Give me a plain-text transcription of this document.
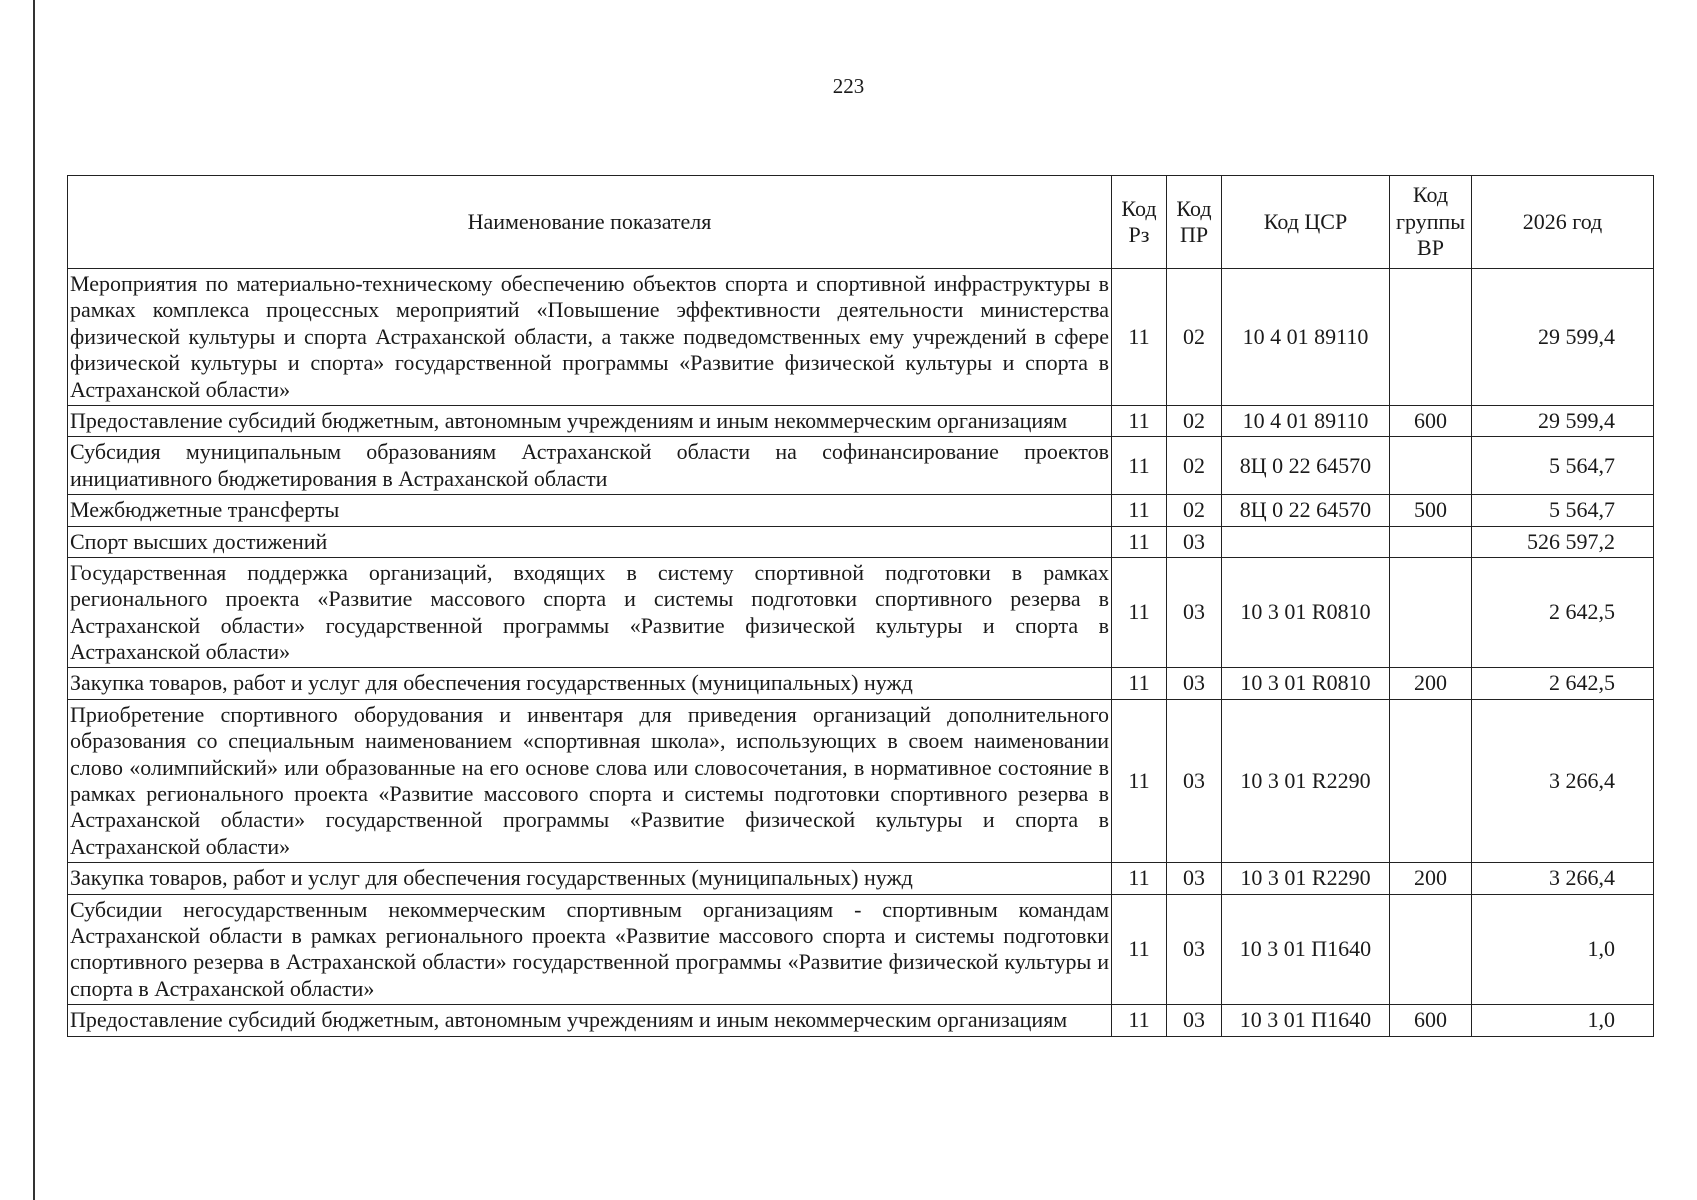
223
Наименование показателя	Код Рз	Код ПР	Код ЦСР	Код группы ВР	2026 год
Мероприятия по материально-техническому обеспечению объектов спорта и спортивной инфраструктуры в рамках комплекса процессных мероприятий «Повышение эффективности деятельности министерства физической культуры и спорта Астраханской области, а также подведомственных ему учреждений в сфере физической культуры и спорта» государственной программы «Развитие физической культуры и спорта в Астраханской области»	11	02	10 4 01 89110		29 599,4
Предоставление субсидий бюджетным, автономным учреждениям и иным некоммерческим организациям	11	02	10 4 01 89110	600	29 599,4
Субсидия муниципальным образованиям Астраханской области на софинансирование проектов инициативного бюджетирования в Астраханской области	11	02	8Ц 0 22 64570		5 564,7
Межбюджетные трансферты	11	02	8Ц 0 22 64570	500	5 564,7
Спорт высших достижений	11	03			526 597,2
Государственная поддержка организаций, входящих в систему спортивной подготовки в рамках регионального проекта «Развитие массового спорта и системы подготовки спортивного резерва в Астраханской области» государственной программы «Развитие физической культуры и спорта в Астраханской области»	11	03	10 3 01 R0810		2 642,5
Закупка товаров, работ и услуг для обеспечения государственных (муниципальных) нужд	11	03	10 3 01 R0810	200	2 642,5
Приобретение спортивного оборудования и инвентаря для приведения организаций дополнительного образования со специальным наименованием «спортивная школа», использующих в своем наименовании слово «олимпийский» или образованные на его основе слова или словосочетания, в нормативное состояние в рамках регионального проекта «Развитие массового спорта и системы подготовки спортивного резерва в Астраханской области» государственной программы «Развитие физической культуры и спорта в Астраханской области»	11	03	10 3 01 R2290		3 266,4
Закупка товаров, работ и услуг для обеспечения государственных (муниципальных) нужд	11	03	10 3 01 R2290	200	3 266,4
Субсидии негосударственным некоммерческим спортивным организациям - спортивным командам Астраханской области в рамках регионального проекта «Развитие массового спорта и системы подготовки спортивного резерва в Астраханской области» государственной программы «Развитие физической культуры и спорта в Астраханской области»	11	03	10 3 01 П1640		1,0
Предоставление субсидий бюджетным, автономным учреждениям и иным некоммерческим организациям	11	03	10 3 01 П1640	600	1,0
